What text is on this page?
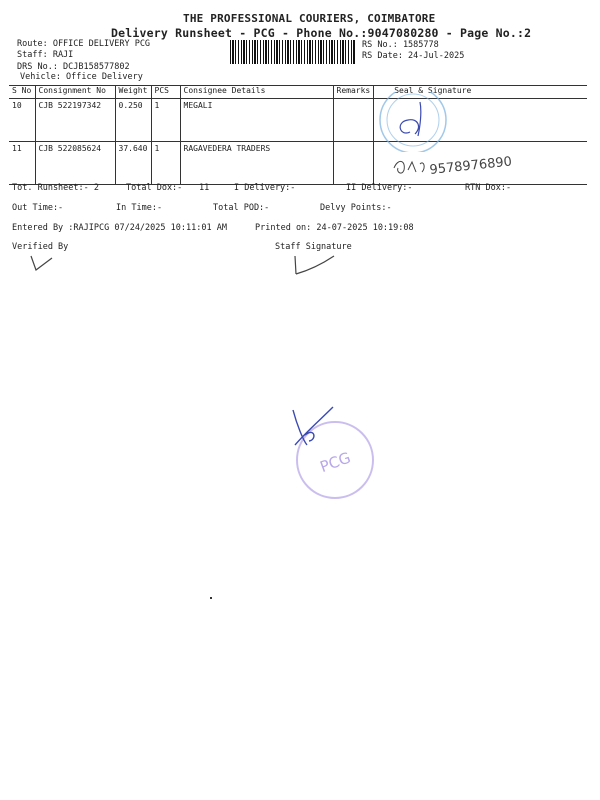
THE PROFESSIONAL COURIERS, COIMBATORE
Delivery Runsheet - PCG - Phone No.:9047080280 - Page No.:2
Route: OFFICE DELIVERY PCG
Staff: RAJI
DRS No.: DCJB158577802
Vehicle: Office Delivery
RS No.: 1585778
RS Date: 24-Jul-2025
S No	Consignment No	Weight	PCS	Consignee Details	Remarks	Seal & Signature
10	CJB 522197342	0.250	1	MEGALI		
11	CJB 522085624	37.640	1	RAGAVEDERA TRADERS		
9578976890
Tot. Runsheet:- 2	Total Dox:- 11	I Delivery:-	II Delivery:-	RTN Dox:-
Out Time:-	In Time:-	Total POD:-	Delvy Points:-
Entered By :RAJIPCG 07/24/2025 10:11:01 AM	Printed on: 24-07-2025 10:19:08
Verified By	Staff Signature
PCG
